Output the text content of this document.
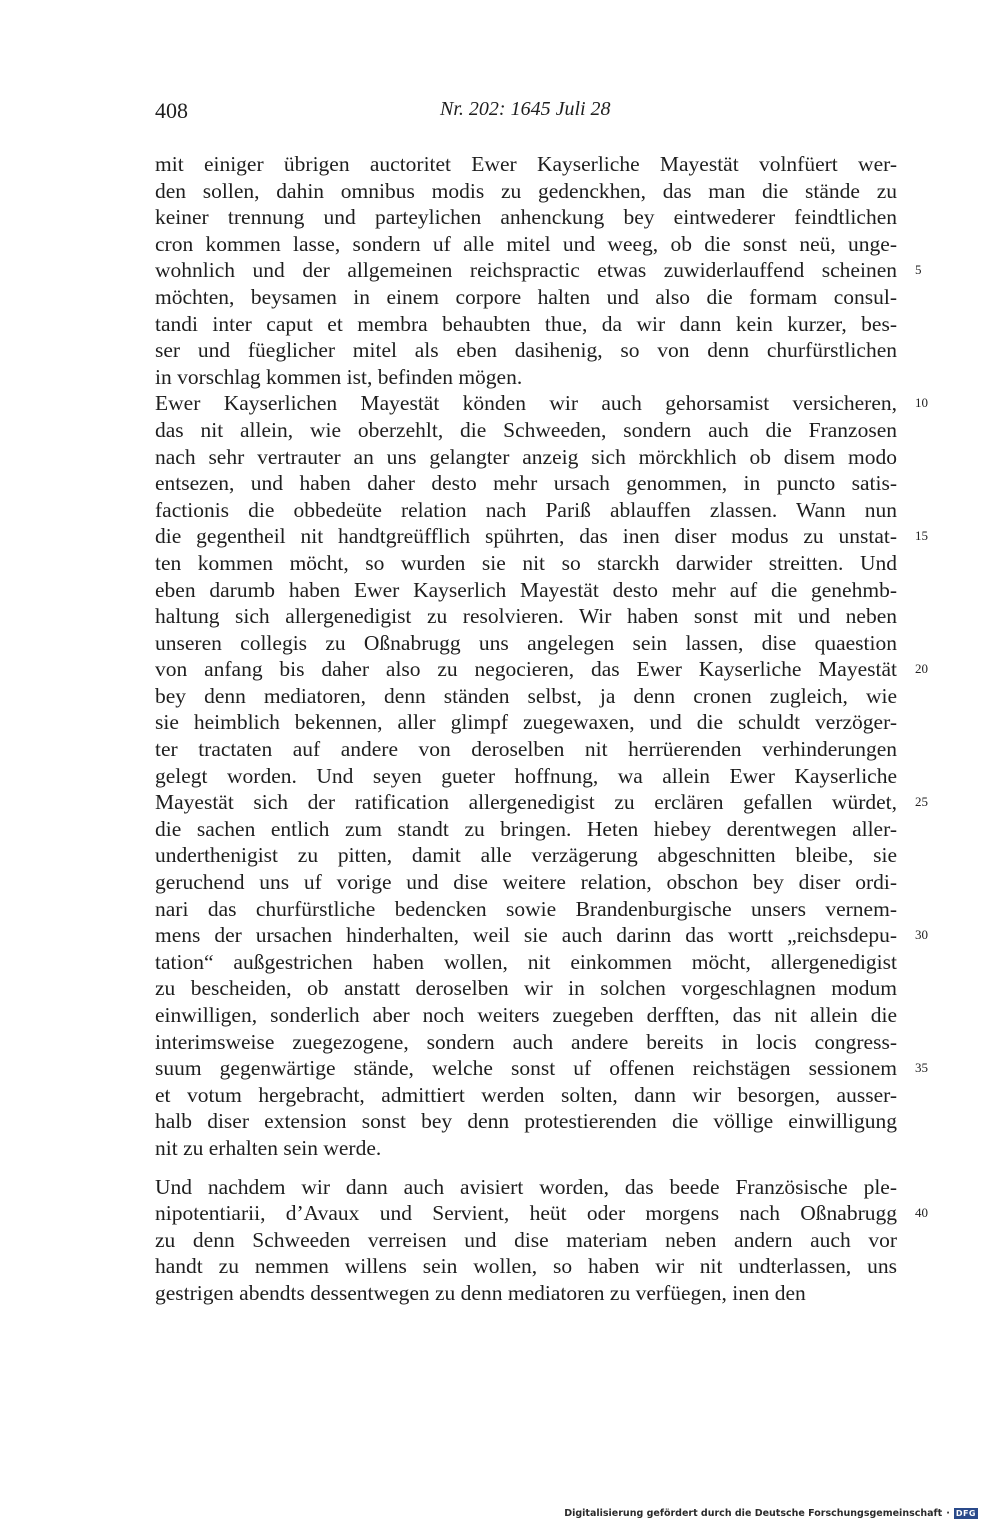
408	Nr. 202: 1645 Juli 28
mit einiger übrigen auctoritet Ewer Kayserliche Mayestät volnfüert wer-
den sollen, dahin omnibus modis zu gedenckhen, das man die stände zu
keiner trennung und parteylichen anhenckung bey eintwederer feindtlichen
cron kommen lasse, sondern uf alle mitel und weeg, ob die sonst neü, unge-
wohnlich und der allgemeinen reichspractic etwas zuwiderlauffend scheinen
möchten, beysamen in einem corpore halten und also die formam consul-
tandi inter caput et membra behaubten thue, da wir dann kein kurzer, bes-
ser und füeglicher mitel als eben dasihenig, so von denn churfürstlichen
in vorschlag kommen ist, befinden mögen.
Ewer Kayserlichen Mayestät könden wir auch gehorsamist versicheren,
das nit allein, wie oberzehlt, die Schweeden, sondern auch die Franzosen
nach sehr vertrauter an uns gelangter anzeig sich mörckhlich ob disem modo
entsezen, und haben daher desto mehr ursach genommen, in puncto satis-
factionis die obbedeüte relation nach Pariß ablauffen zlassen. Wann nun
die gegentheil nit handtgreüfflich spührten, das inen diser modus zu unstat-
ten kommen möcht, so wurden sie nit so starckh darwider streitten. Und
eben darumb haben Ewer Kayserlich Mayestät desto mehr auf die genehmb-
haltung sich allergenedigist zu resolvieren. Wir haben sonst mit und neben
unseren collegis zu Oßnabrugg uns angelegen sein lassen, dise quaestion
von anfang bis daher also zu negocieren, das Ewer Kayserliche Mayestät
bey denn mediatoren, denn ständen selbst, ja denn cronen zugleich, wie
sie heimblich bekennen, aller glimpf zuegewaxen, und die schuldt verzöger-
ter tractaten auf andere von deroselben nit herrüerenden verhinderungen
gelegt worden. Und seyen gueter hoffnung, wa allein Ewer Kayserliche
Mayestät sich der ratification allergenedigist zu erclären gefallen würdet,
die sachen entlich zum standt zu bringen. Heten hiebey derentwegen aller-
underthenigist zu pitten, damit alle verzägerung abgeschnitten bleibe, sie
geruchend uns uf vorige und dise weitere relation, obschon bey diser ordi-
nari das churfürstliche bedencken sowie Brandenburgische unsers vernem-
mens der ursachen hinderhalten, weil sie auch darinn das wortt „reichsdepu-
tation“ außgestrichen haben wollen, nit einkommen möcht, allergenedigist
zu bescheiden, ob anstatt deroselben wir in solchen vorgeschlagnen modum
einwilligen, sonderlich aber noch weiters zuegeben derfften, das nit allein die
interimsweise zuegezogene, sondern auch andere bereits in locis congress-
suum gegenwärtige stände, welche sonst uf offenen reichstägen sessionem
et votum hergebracht, admittiert werden solten, dann wir besorgen, ausser-
halb diser extension sonst bey denn protestierenden die völlige einwilligung
nit zu erhalten sein werde.
Und nachdem wir dann auch avisiert worden, das beede Französische ple-
nipotentiarii, d’Avaux und Servient, heüt oder morgens nach Oßnabrugg
zu denn Schweeden verreisen und dise materiam neben andern auch vor
handt zu nemmen willens sein wollen, so haben wir nit undterlassen, uns
gestrigen abendts dessentwegen zu denn mediatoren zu verfüegen, inen den
5
10
15
20
25
30
35
40
Digitalisierung gefördert durch die Deutsche Forschungsgemeinschaft · DFG
